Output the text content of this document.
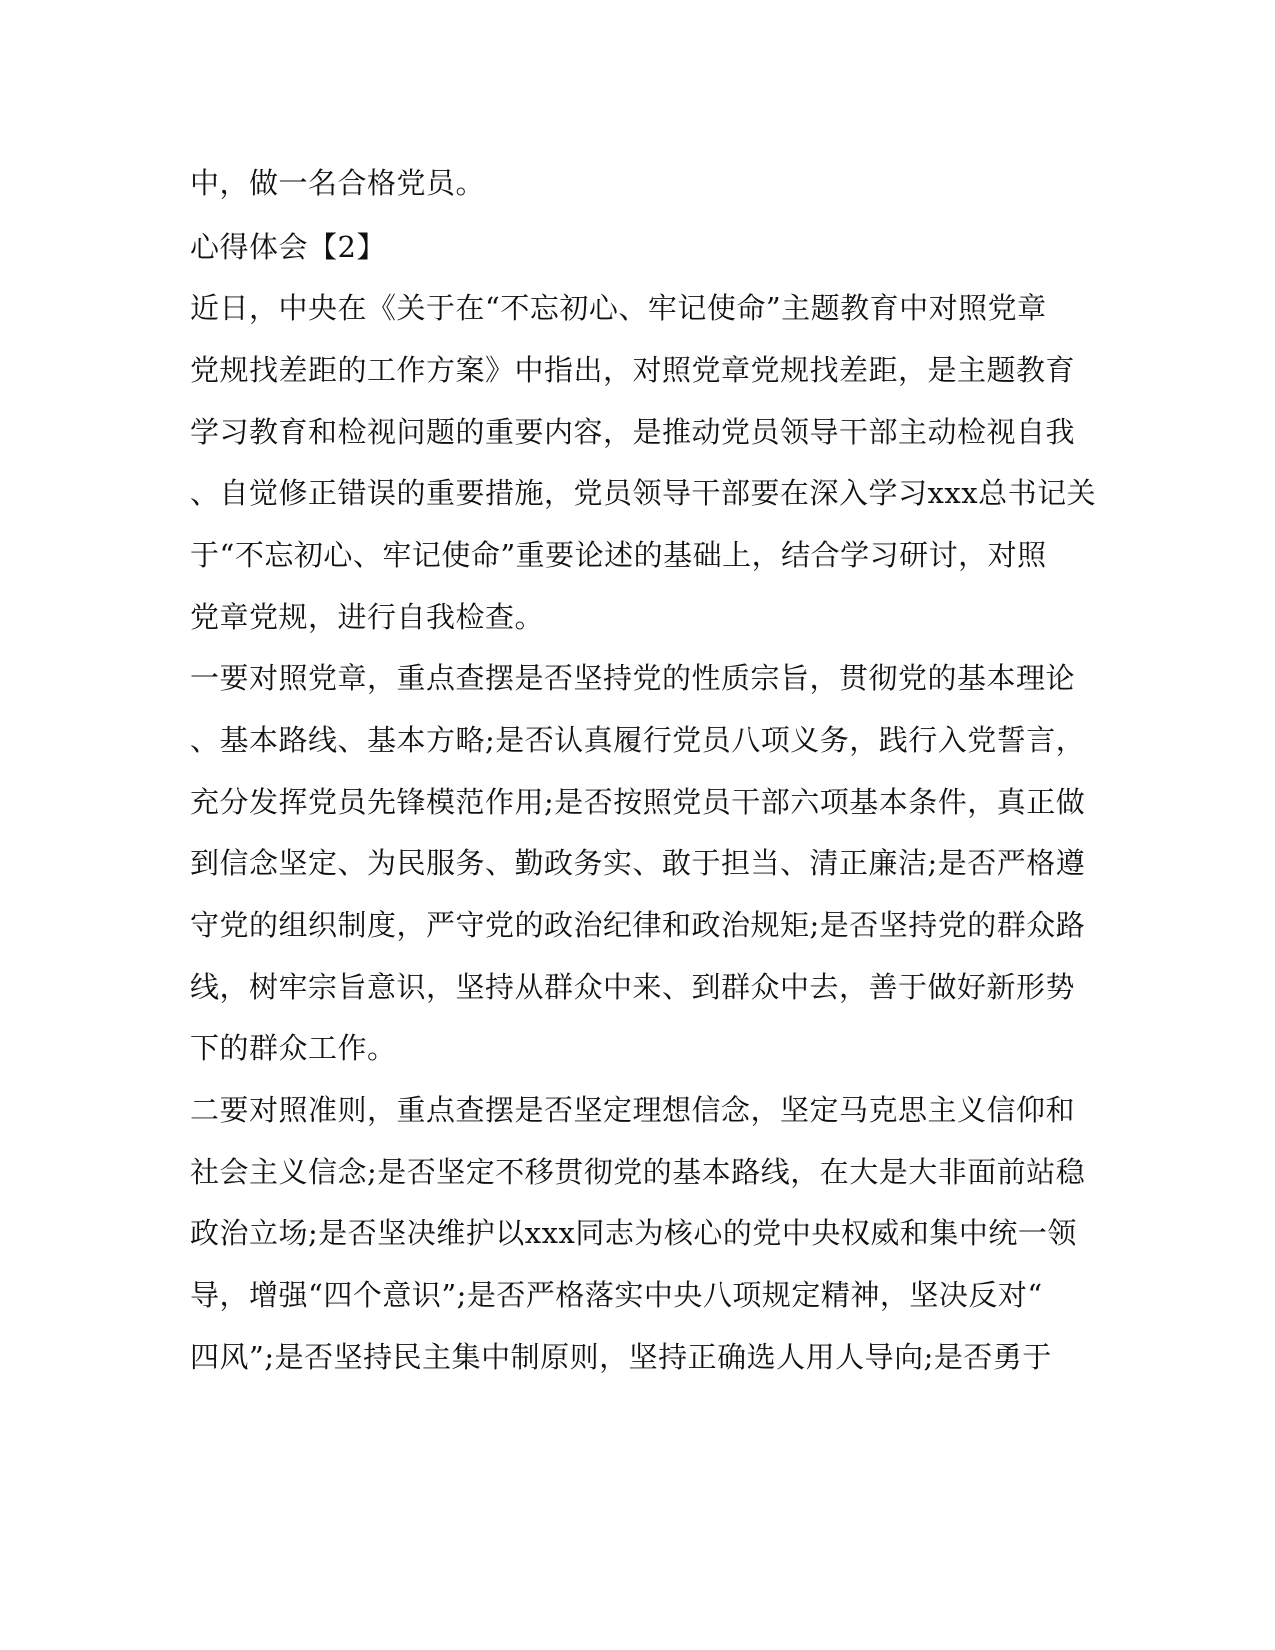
中，做一名合格党员。
心得体会【2】
近日，中央在《关于在“不忘初心、牢记使命”主题教育中对照党章
党规找差距的工作方案》中指出，对照党章党规找差距，是主题教育
学习教育和检视问题的重要内容，是推动党员领导干部主动检视自我
、自觉修正错误的重要措施，党员领导干部要在深入学习xxx总书记关
于“不忘初心、牢记使命”重要论述的基础上，结合学习研讨，对照
党章党规，进行自我检查。
一要对照党章，重点查摆是否坚持党的性质宗旨，贯彻党的基本理论
、基本路线、基本方略;是否认真履行党员八项义务，践行入党誓言，
充分发挥党员先锋模范作用;是否按照党员干部六项基本条件，真正做
到信念坚定、为民服务、勤政务实、敢于担当、清正廉洁;是否严格遵
守党的组织制度，严守党的政治纪律和政治规矩;是否坚持党的群众路
线，树牢宗旨意识，坚持从群众中来、到群众中去，善于做好新形势
下的群众工作。
二要对照准则，重点查摆是否坚定理想信念，坚定马克思主义信仰和
社会主义信念;是否坚定不移贯彻党的基本路线，在大是大非面前站稳
政治立场;是否坚决维护以xxx同志为核心的党中央权威和集中统一领
导，增强“四个意识”;是否严格落实中央八项规定精神，坚决反对“
四风”;是否坚持民主集中制原则，坚持正确选人用人导向;是否勇于
